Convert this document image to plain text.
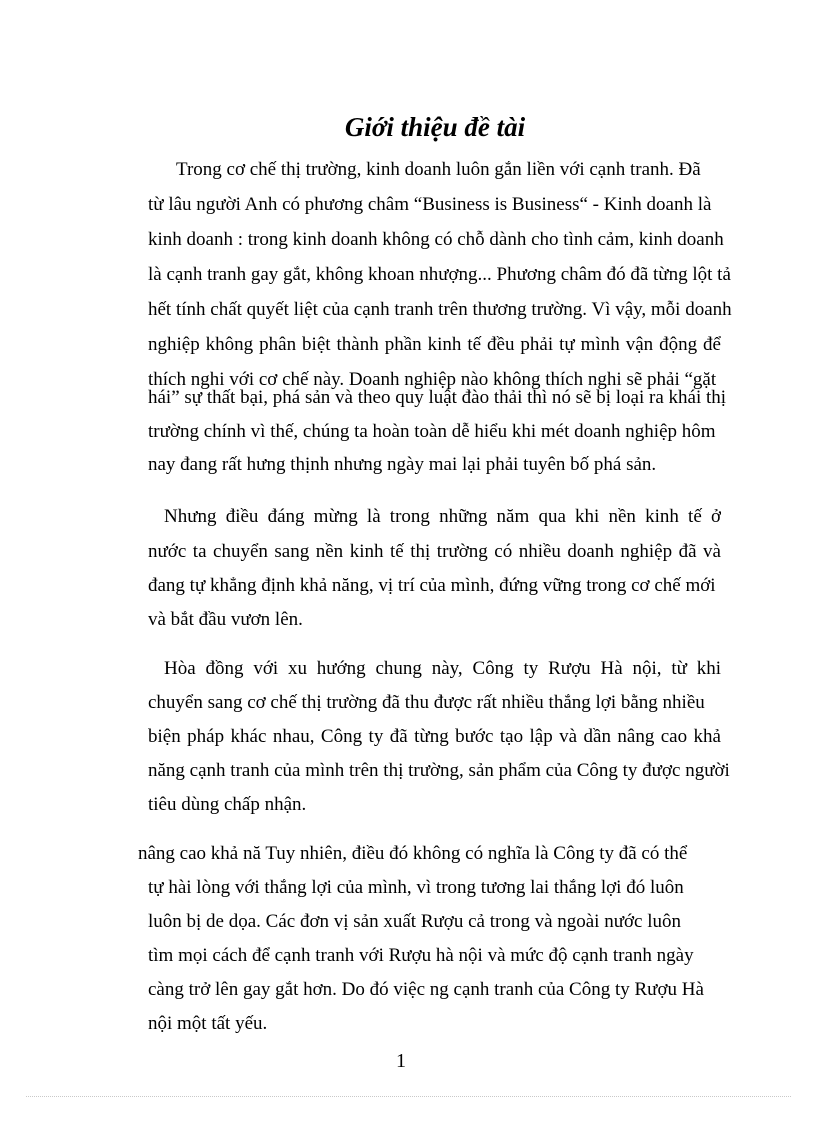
Giới thiệu đề tài
Trong cơ chế thị trường, kinh doanh luôn gắn liền với cạnh tranh. Đã
từ lâu người Anh có phương châm “Business is Business“ - Kinh doanh là
kinh doanh : trong kinh doanh không có chỗ dành cho tình cảm, kinh doanh
là cạnh tranh gay gắt, không khoan nhượng... Phương châm đó đã từng lột tả
hết tính chất quyết liệt của cạnh tranh trên thương trường. Vì vậy, mỗi doanh
nghiệp không phân biệt thành phần kinh tế đều phải tự mình vận động để
thích nghi với cơ chế này. Doanh nghiệp nào không thích nghi sẽ phải “gặt
hái” sự thất bại, phá sản và theo quy luật đào thải thì nó sẽ bị loại ra khái thị
trường chính vì thế, chúng ta hoàn toàn dễ hiểu khi mét doanh nghiệp hôm
nay đang rất hưng thịnh nhưng ngày mai lại phải tuyên bố phá sản.
Nhưng điều đáng mừng là trong những năm qua khi nền kinh tế ở
nước ta chuyển sang nền kinh tế thị trường có nhiều doanh nghiệp đã và
đang tự khẳng định khả năng, vị trí của mình, đứng vững trong cơ chế mới
và bắt đầu vươn lên.
Hòa đồng với xu hướng chung này, Công ty Rượu Hà nội, từ khi
chuyển sang cơ chế thị trường đã thu được rất nhiều thắng lợi bằng nhiều
biện pháp khác nhau, Công ty đã từng bước tạo lập và dần nâng cao khả
năng cạnh tranh của mình trên thị trường, sản phẩm của Công ty được người
tiêu dùng chấp nhận.
nâng cao khả nă Tuy nhiên, điều đó không có nghĩa là Công ty đã có thể
tự hài lòng với thắng lợi của mình, vì trong tương lai thắng lợi đó luôn
luôn bị de dọa. Các đơn vị sản xuất Rượu cả trong và ngoài nước luôn
tìm mọi cách để cạnh tranh với Rượu hà nội và mức độ cạnh tranh ngày
càng trở lên gay gắt hơn. Do đó việc ng cạnh tranh của Công ty Rượu Hà
nội một tất yếu.
1
